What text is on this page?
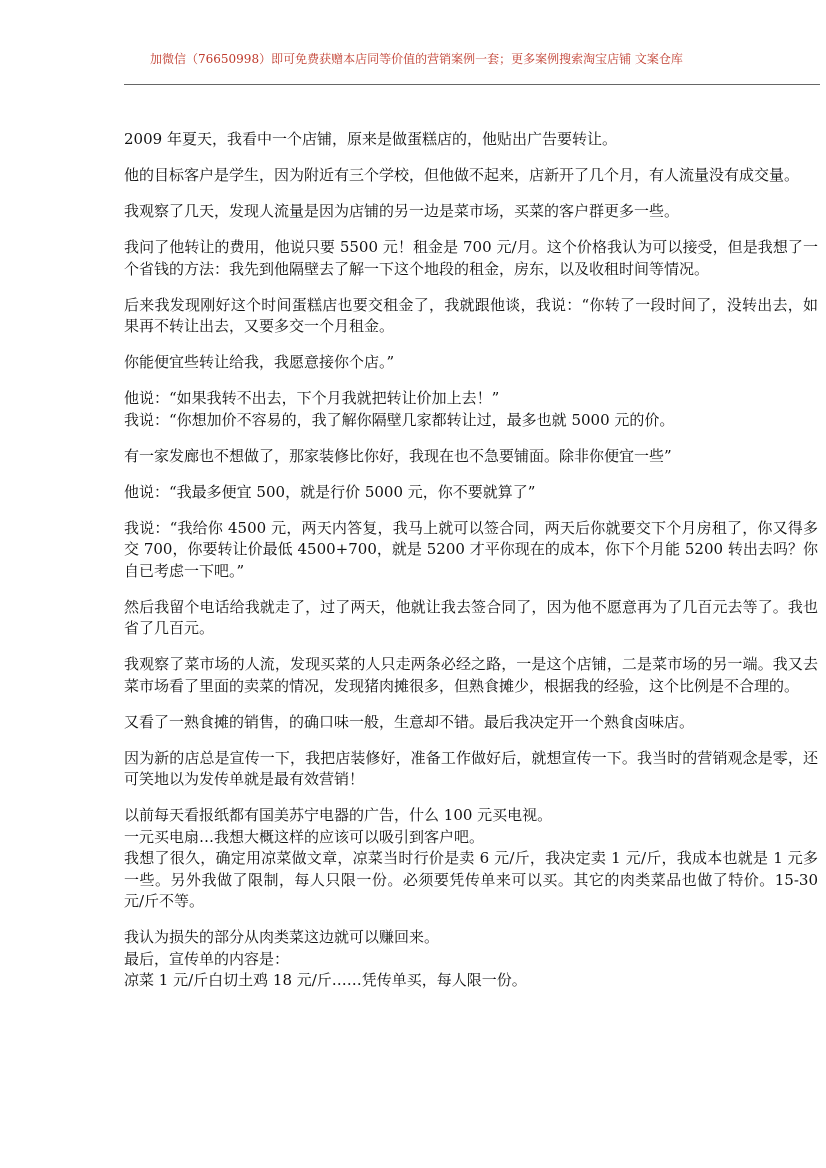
加微信（76650998）即可免费获赠本店同等价值的营销案例一套；更多案例搜索淘宝店铺 文案仓库

2009 年夏天，我看中一个店铺，原来是做蛋糕店的，他贴出广告要转让。

他的目标客户是学生，因为附近有三个学校，但他做不起来，店新开了几个月，有人流量没有成交量。

我观察了几天，发现人流量是因为店铺的另一边是菜市场，买菜的客户群更多一些。

我问了他转让的费用，他说只要 5500 元！租金是 700 元/月。这个价格我认为可以接受，但是我想了一个省钱的方法：我先到他隔壁去了解一下这个地段的租金，房东，以及收租时间等情况。

后来我发现刚好这个时间蛋糕店也要交租金了，我就跟他谈，我说：“你转了一段时间了，没转出去，如果再不转让出去，又要多交一个月租金。

你能便宜些转让给我，我愿意接你个店。”

他说：“如果我转不出去，下个月我就把转让价加上去！”
我说：“你想加价不容易的，我了解你隔壁几家都转让过，最多也就 5000 元的价。

有一家发廊也不想做了，那家装修比你好，我现在也不急要铺面。除非你便宜一些”

他说：“我最多便宜 500，就是行价 5000 元，你不要就算了”

我说：“我给你 4500 元，两天内答复，我马上就可以签合同，两天后你就要交下个月房租了，你又得多交 700，你要转让价最低 4500+700，就是 5200 才平你现在的成本，你下个月能 5200 转出去吗？你自已考虑一下吧。”

然后我留个电话给我就走了，过了两天，他就让我去签合同了，因为他不愿意再为了几百元去等了。我也省了几百元。

我观察了菜市场的人流，发现买菜的人只走两条必经之路，一是这个店铺，二是菜市场的另一端。我又去菜市场看了里面的卖菜的情况，发现猪肉摊很多，但熟食摊少，根据我的经验，这个比例是不合理的。

又看了一熟食摊的销售，的确口味一般，生意却不错。最后我决定开一个熟食卤味店。

因为新的店总是宣传一下，我把店装修好，准备工作做好后，就想宣传一下。我当时的营销观念是零，还可笑地以为发传单就是最有效营销！

以前每天看报纸都有国美苏宁电器的广告，什么 100 元买电视。
一元买电扇…我想大概这样的应该可以吸引到客户吧。
我想了很久，确定用凉菜做文章，凉菜当时行价是卖 6 元/斤，我决定卖 1 元/斤，我成本也就是 1 元多一些。另外我做了限制，每人只限一份。必须要凭传单来可以买。其它的肉类菜品也做了特价。15-30 元/斤不等。

我认为损失的部分从肉类菜这边就可以赚回来。
最后，宣传单的内容是：
凉菜 1 元/斤白切土鸡 18 元/斤……凭传单买，每人限一份。
